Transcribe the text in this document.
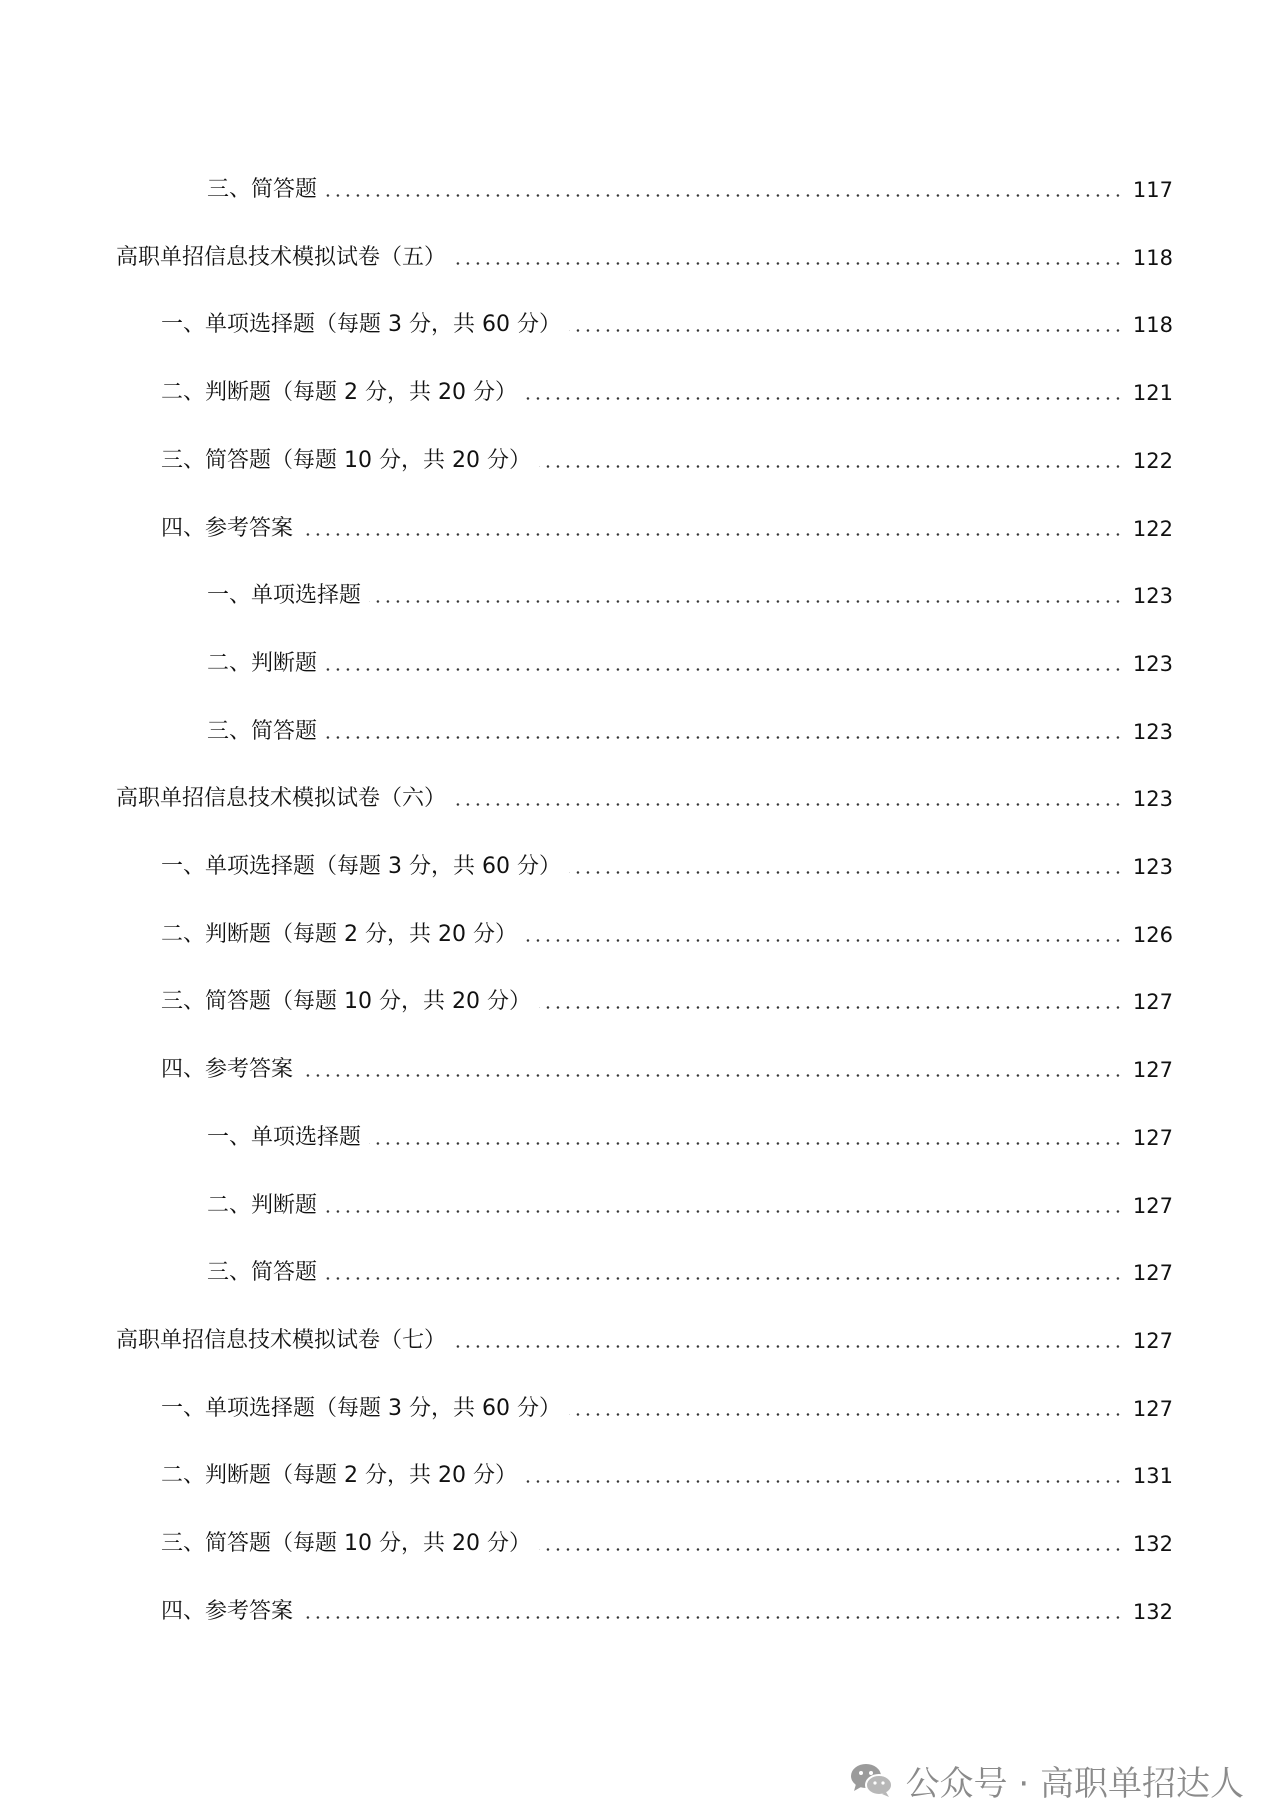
三、简答题	117
高职单招信息技术模拟试卷（五）	118
一、单项选择题（每题 3 分，共 60 分）	118
二、判断题（每题 2 分，共 20 分）	121
三、简答题（每题 10 分，共 20 分）	122
四、参考答案	122
一、单项选择题	123
二、判断题	123
三、简答题	123
高职单招信息技术模拟试卷（六）	123
一、单项选择题（每题 3 分，共 60 分）	123
二、判断题（每题 2 分，共 20 分）	126
三、简答题（每题 10 分，共 20 分）	127
四、参考答案	127
一、单项选择题	127
二、判断题	127
三、简答题	127
高职单招信息技术模拟试卷（七）	127
一、单项选择题（每题 3 分，共 60 分）	127
二、判断题（每题 2 分，共 20 分）	131
三、简答题（每题 10 分，共 20 分）	132
四、参考答案	132
公众号 · 高职单招达人
